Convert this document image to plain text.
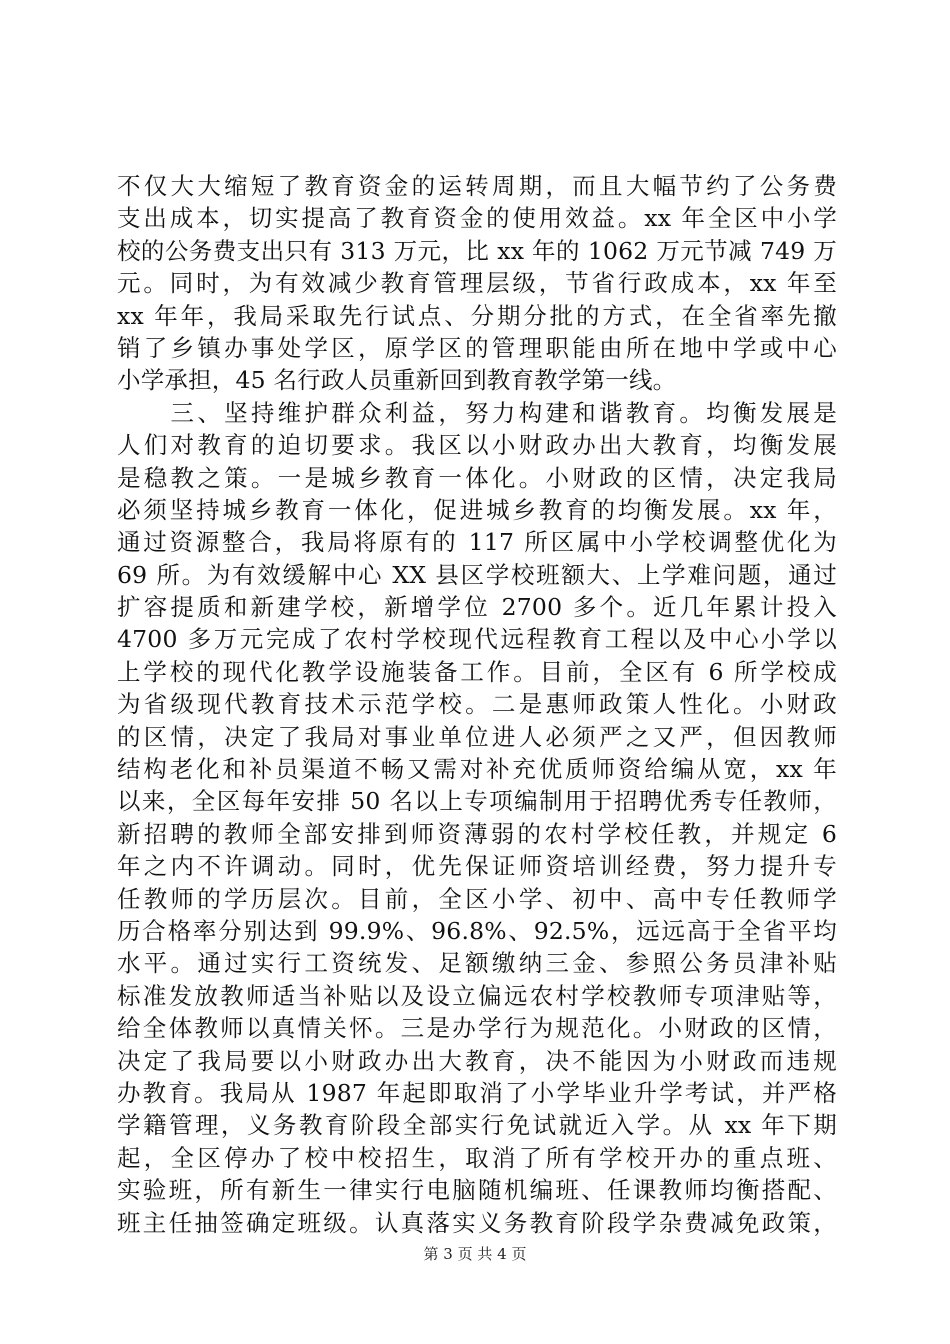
不仅大大缩短了教育资金的运转周期，而且大幅节约了公务费
支出成本，切实提高了教育资金的使用效益。xx 年全区中小学
校的公务费支出只有 313 万元，比 xx 年的 1062 万元节减 749 万
元。同时，为有效减少教育管理层级，节省行政成本，xx 年至
xx 年年，我局采取先行试点、分期分批的方式，在全省率先撤
销了乡镇办事处学区，原学区的管理职能由所在地中学或中心
小学承担，45 名行政人员重新回到教育教学第一线。
　　三、坚持维护群众利益，努力构建和谐教育。均衡发展是
人们对教育的迫切要求。我区以小财政办出大教育，均衡发展
是稳教之策。一是城乡教育一体化。小财政的区情，决定我局
必须坚持城乡教育一体化，促进城乡教育的均衡发展。xx 年，
通过资源整合，我局将原有的 117 所区属中小学校调整优化为
69 所。为有效缓解中心 XX 县区学校班额大、上学难问题，通过
扩容提质和新建学校，新增学位 2700 多个。近几年累计投入
4700 多万元完成了农村学校现代远程教育工程以及中心小学以
上学校的现代化教学设施装备工作。目前，全区有 6 所学校成
为省级现代教育技术示范学校。二是惠师政策人性化。小财政
的区情，决定了我局对事业单位进人必须严之又严，但因教师
结构老化和补员渠道不畅又需对补充优质师资给编从宽，xx 年
以来，全区每年安排 50 名以上专项编制用于招聘优秀专任教师，
新招聘的教师全部安排到师资薄弱的农村学校任教，并规定 6
年之内不许调动。同时，优先保证师资培训经费，努力提升专
任教师的学历层次。目前，全区小学、初中、高中专任教师学
历合格率分别达到 99.9%、96.8%、92.5%，远远高于全省平均
水平。通过实行工资统发、足额缴纳三金、参照公务员津补贴
标准发放教师适当补贴以及设立偏远农村学校教师专项津贴等，
给全体教师以真情关怀。三是办学行为规范化。小财政的区情，
决定了我局要以小财政办出大教育，决不能因为小财政而违规
办教育。我局从 1987 年起即取消了小学毕业升学考试，并严格
学籍管理，义务教育阶段全部实行免试就近入学。从 xx 年下期
起，全区停办了校中校招生，取消了所有学校开办的重点班、
实验班，所有新生一律实行电脑随机编班、任课教师均衡搭配、
班主任抽签确定班级。认真落实义务教育阶段学杂费减免政策，
第 3 页 共 4 页
